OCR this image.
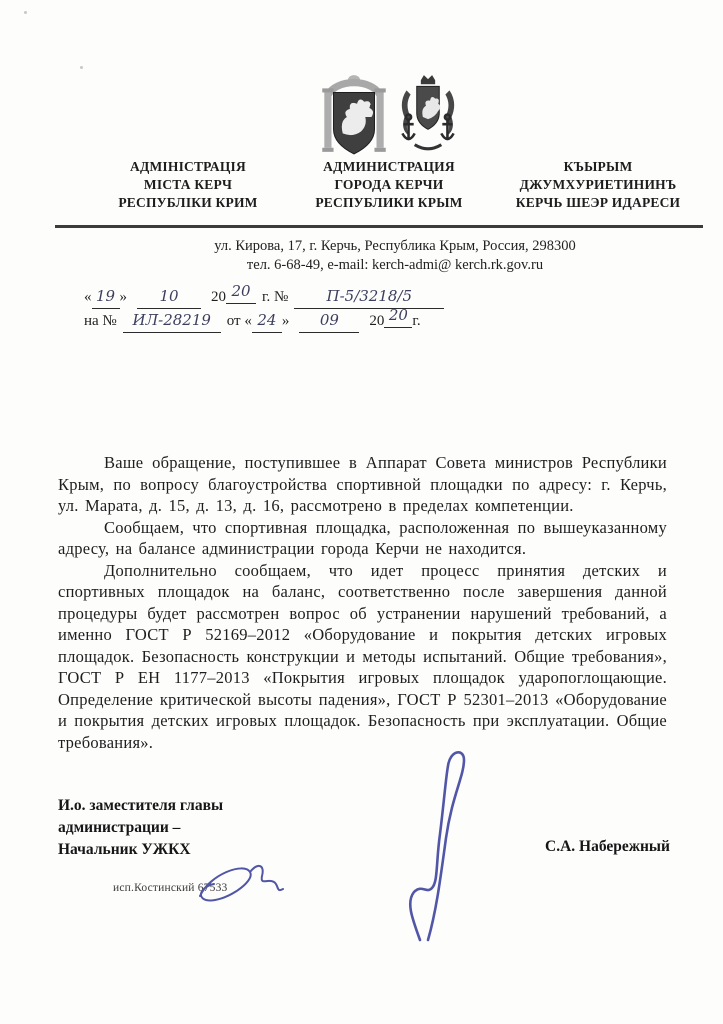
АДМІНІСТРАЦІЯ
МІСТА КЕРЧ
РЕСПУБЛІКИ КРИМ
АДМИНИСТРАЦИЯ
ГОРОДА КЕРЧИ
РЕСПУБЛИКИ КРЫМ
КЪЫРЫМ
ДЖУМХУРИЕТИНИНЪ
КЕРЧЬ ШЕЭР ИДАРЕСИ
ул. Кирова, 17, г. Керчь, Республика Крым, Россия, 298300
тел. 6-68-49, e-mail: kerch-admi@ kerch.rk.gov.ru
« 19 » 10 20 20 г. №	П-5/3218/5
на № ИЛ-28219 от « 24 » 09 20 20 г.

Ваше обращение, поступившее в Аппарат Совета министров Республики Крым, по вопросу благоустройства спортивной площадки по адресу: г. Керчь, ул. Марата, д. 15, д. 13, д. 16, рассмотрено в пределах компетенции.

Сообщаем, что спортивная площадка, расположенная по вышеуказанному адресу, на балансе администрации города Керчи не находится.

Дополнительно сообщаем, что идет процесс принятия детских и спортивных площадок на баланс, соответственно после завершения данной процедуры будет рассмотрен вопрос об устранении нарушений требований, а именно ГОСТ Р 52169–2012 «Оборудование и покрытия детских игровых площадок. Безопасность конструкции и методы испытаний. Общие требования», ГОСТ Р ЕН 1177–2013 «Покрытия игровых площадок ударопоглощающие. Определение критической высоты падения», ГОСТ Р 52301–2013 «Оборудование и покрытия детских игровых площадок. Безопасность при эксплуатации. Общие требования».

И.о. заместителя главы
администрации –
Начальник УЖКХ	С.А. Набережный
исп.Костинский 67533
